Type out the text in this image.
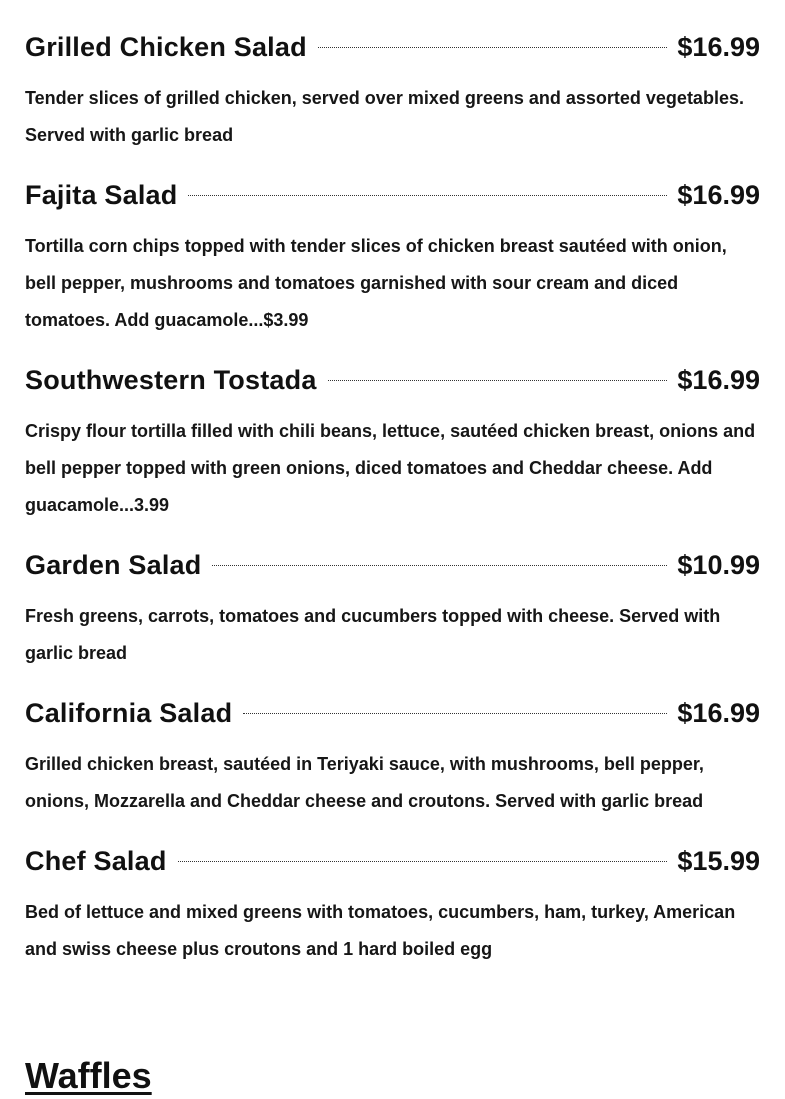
Grilled Chicken Salad	$16.99

Tender slices of grilled chicken, served over mixed greens and assorted vegetables. Served with garlic bread

Fajita Salad	$16.99

Tortilla corn chips topped with tender slices of chicken breast sautéed with onion, bell pepper, mushrooms and tomatoes garnished with sour cream and diced tomatoes. Add guacamole...$3.99

Southwestern Tostada	$16.99

Crispy flour tortilla filled with chili beans, lettuce, sautéed chicken breast, onions and bell pepper topped with green onions, diced tomatoes and Cheddar cheese. Add guacamole...3.99

Garden Salad	$10.99

Fresh greens, carrots, tomatoes and cucumbers topped with cheese. Served with garlic bread

California Salad	$16.99

Grilled chicken breast, sautéed in Teriyaki sauce, with mushrooms, bell pepper, onions, Mozzarella and Cheddar cheese and croutons. Served with garlic bread

Chef Salad	$15.99

Bed of lettuce and mixed greens with tomatoes, cucumbers, ham, turkey, American and swiss cheese plus croutons and 1 hard boiled egg

Waffles
